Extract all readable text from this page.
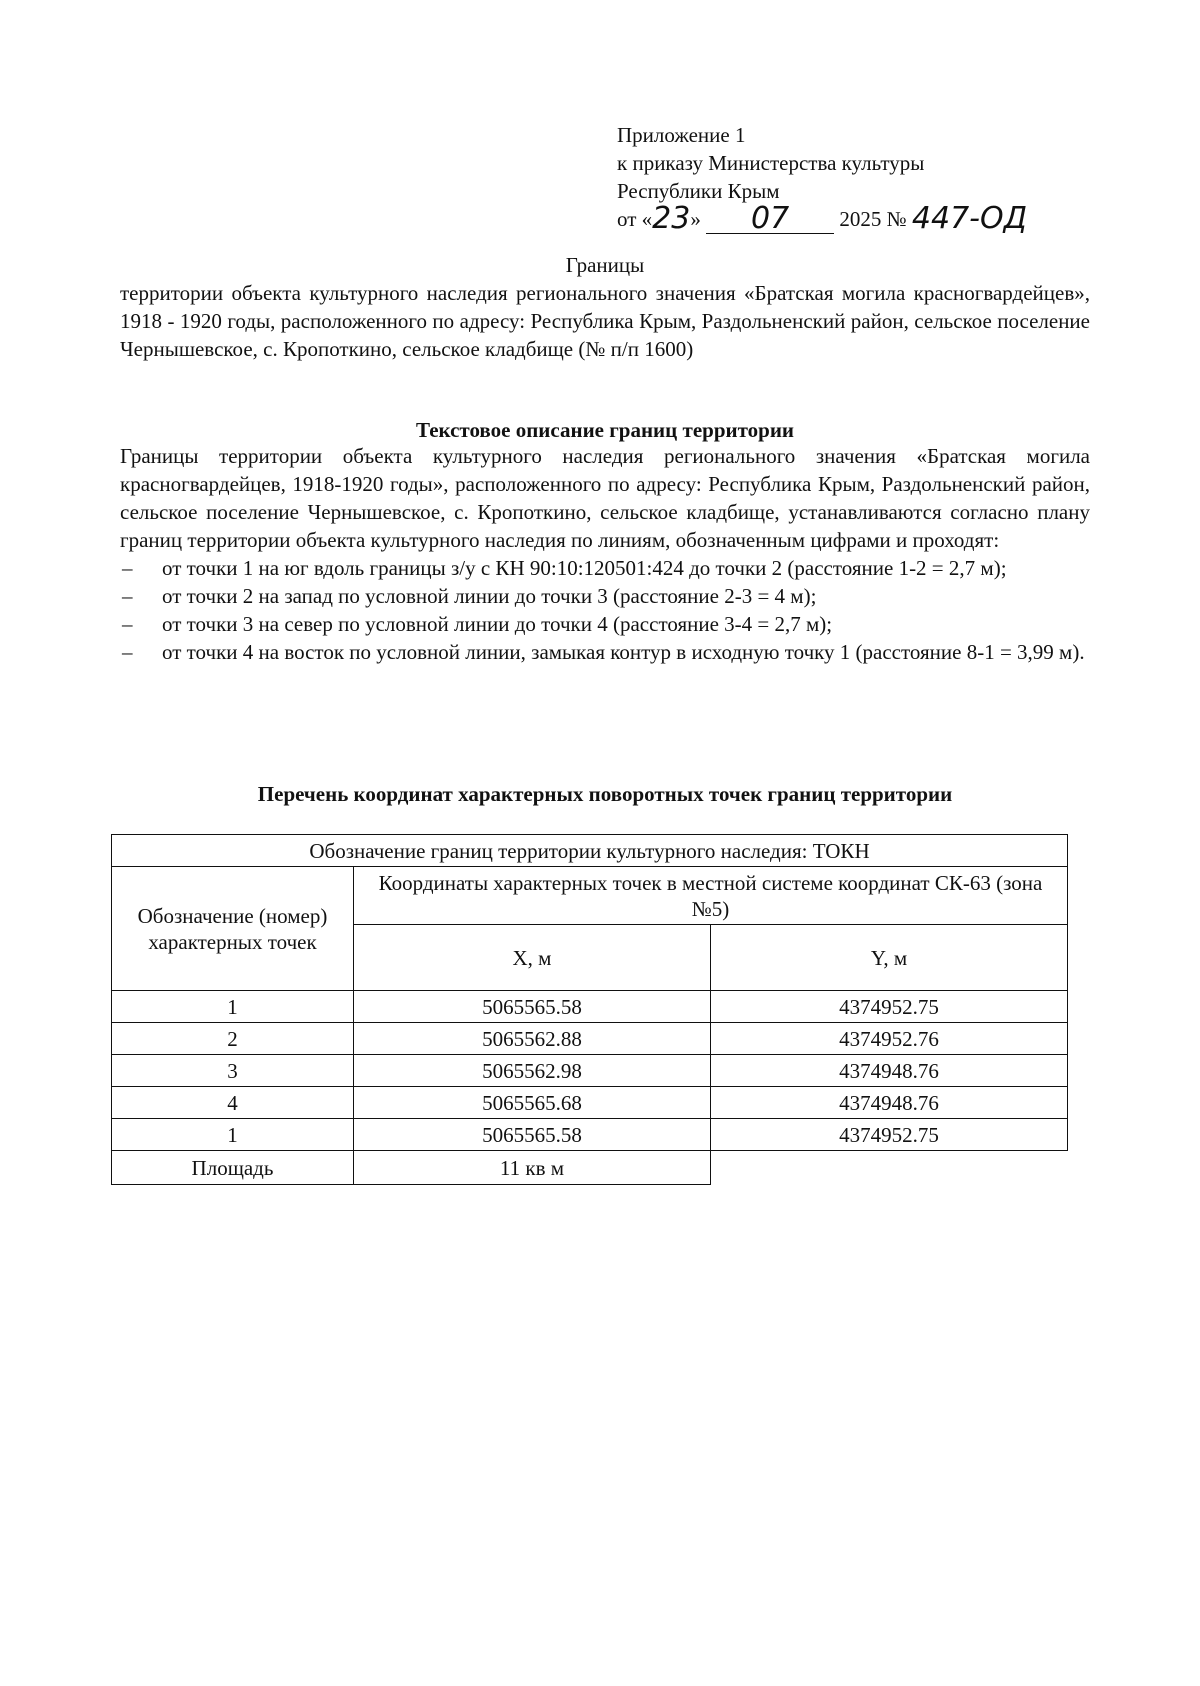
Приложение 1
к приказу Министерства культуры
Республики Крым
от «23» 07 2025 № 447-ОД
Границы
территории объекта культурного наследия регионального значения «Братская могила красногвардейцев», 1918 - 1920 годы, расположенного по адресу: Республика Крым, Раздольненский район, сельское поселение Чернышевское, с. Кропоткино, сельское кладбище (№ п/п 1600)
Текстовое описание границ территории
Границы территории объекта культурного наследия регионального значения «Братская могила красногвардейцев, 1918-1920 годы», расположенного по адресу: Республика Крым, Раздольненский район, сельское поселение Чернышевское, с. Кропоткино, сельское кладбище, устанавливаются согласно плану границ территории объекта культурного наследия по линиям, обозначенным цифрами и проходят:
– от точки 1 на юг вдоль границы з/у с КН 90:10:120501:424 до точки 2 (расстояние 1-2 = 2,7 м);
– от точки 2 на запад по условной линии до точки 3 (расстояние 2-3 = 4 м);
– от точки 3 на север по условной линии до точки 4 (расстояние 3-4 = 2,7 м);
– от точки 4 на восток по условной линии, замыкая контур в исходную точку 1 (расстояние 8-1 = 3,99 м).
Перечень координат характерных поворотных точек границ территории
Обозначение границ территории культурного наследия: ТОКН		
Обозначение (номер) характерных точек	Координаты характерных точек в местной системе координат СК-63 (зона №5)	
	X, м	Y, м
1	5065565.58	4374952.75
2	5065562.88	4374952.76
3	5065562.98	4374948.76
4	5065565.68	4374948.76
1	5065565.58	4374952.75
Площадь	11 кв м	
